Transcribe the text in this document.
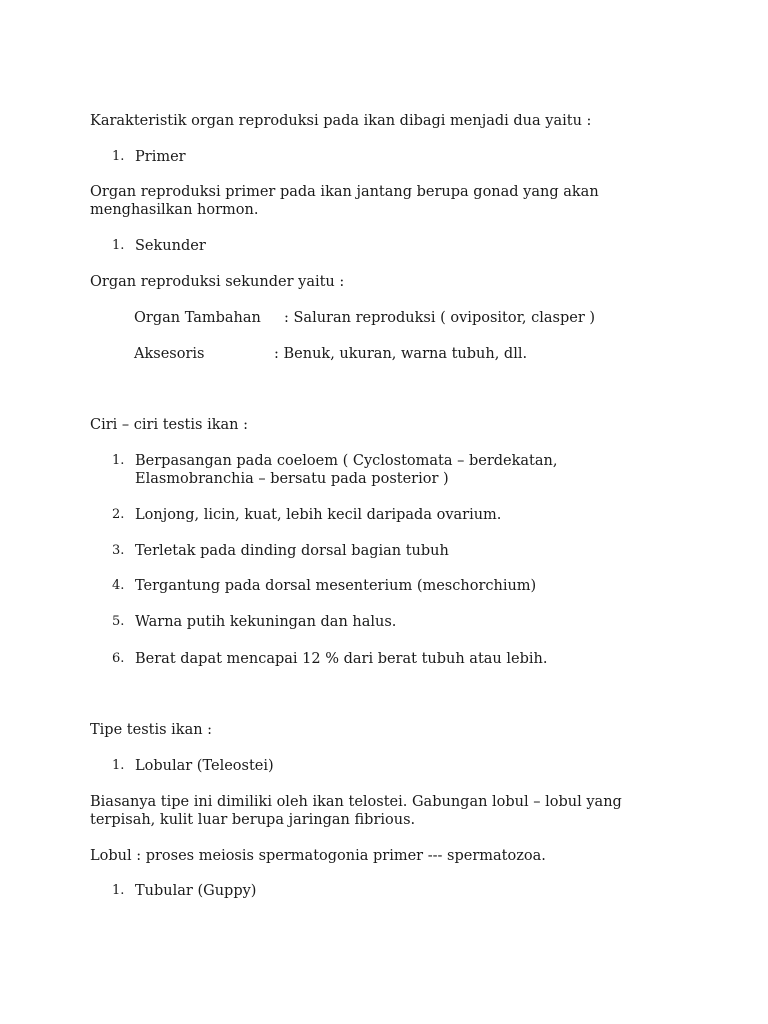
Karakteristik organ reproduksi pada ikan dibagi menjadi dua yaitu :
1. Primer
Organ reproduksi primer pada ikan jantang berupa gonad yang akan menghasilkan hormon.
1. Sekunder
Organ reproduksi sekunder yaitu :
Organ Tambahan : Saluran reproduksi ( ovipositor, clasper )
Aksesoris	: Benuk, ukuran, warna tubuh, dll.
Ciri – ciri testis ikan :
1. Berpasangan pada coeloem ( Cyclostomata – berdekatan, Elasmobranchia – bersatu pada posterior )
2. Lonjong, licin, kuat, lebih kecil daripada ovarium.
3. Terletak pada dinding dorsal bagian tubuh
4. Tergantung pada dorsal mesenterium (meschorchium)
5. Warna putih kekuningan dan halus.
6. Berat dapat mencapai 12 % dari berat tubuh atau lebih.
Tipe testis ikan :
1. Lobular (Teleostei)
Biasanya tipe ini dimiliki oleh ikan telostei. Gabungan lobul – lobul yang terpisah, kulit luar berupa jaringan fibrious.
Lobul : proses meiosis spermatogonia primer --- spermatozoa.
1. Tubular (Guppy)
